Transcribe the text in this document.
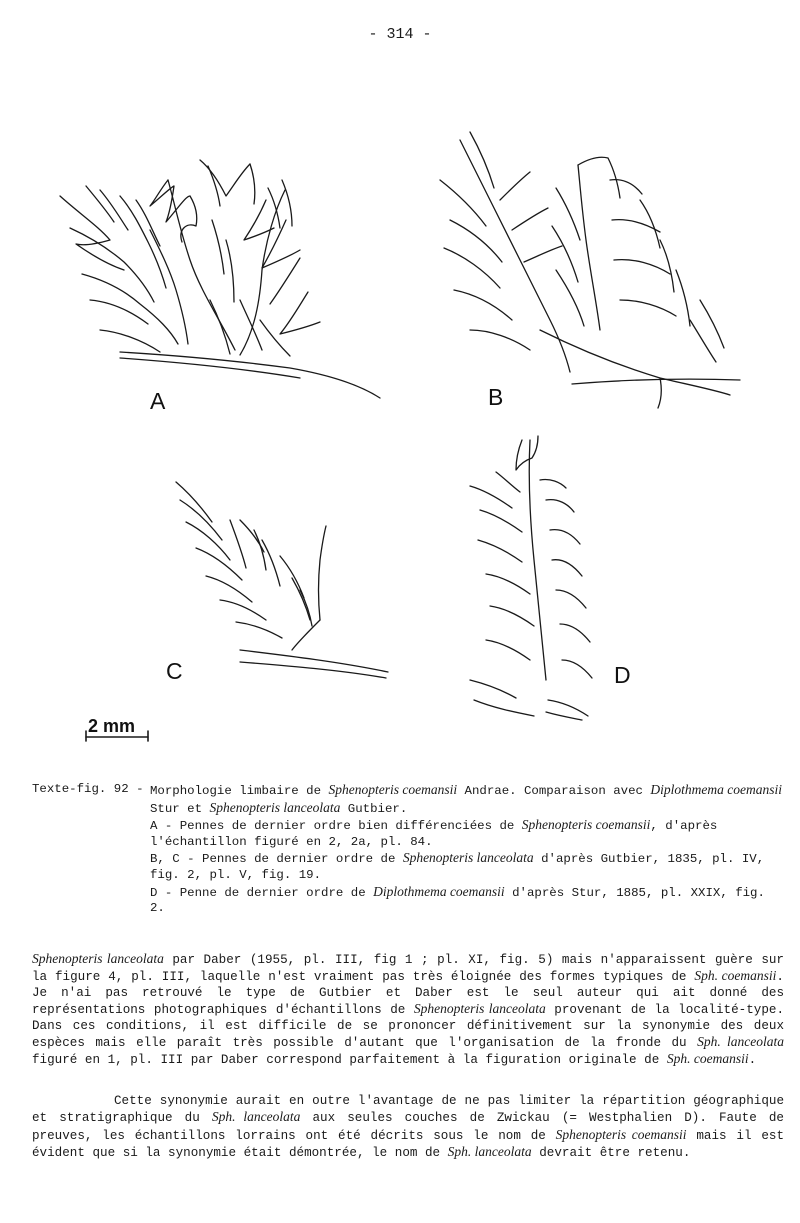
- 314 -
A	B
C	D
2 mm
Texte-fig. 92 - Morphologie limbaire de Sphenopteris coemansii Andrae. Comparaison avec Diplothmema coemansii Stur et Sphenopteris lanceolata Gutbier.
A - Pennes de dernier ordre bien différenciées de Sphenopteris coemansii, d'après l'échantillon figuré en 2, 2a, pl. 84.
B, C - Pennes de dernier ordre de Sphenopteris lanceolata d'après Gutbier, 1835, pl. IV, fig. 2, pl. V, fig. 19.
D - Penne de dernier ordre de Diplothmema coemansii d'après Stur, 1885, pl. XXIX, fig. 2.
Sphenopteris lanceolata par Daber (1955, pl. III, fig 1 ; pl. XI, fig. 5) mais n'apparaissent guère sur la figure 4, pl. III, laquelle n'est vraiment pas très éloignée des formes typiques de Sph. coemansii. Je n'ai pas retrouvé le type de Gutbier et Daber est le seul auteur qui ait donné des représentations photographiques d'échantillons de Sphenopteris lanceolata provenant de la localité-type. Dans ces conditions, il est difficile de se prononcer définitivement sur la synonymie des deux espèces mais elle paraît très possible d'autant que l'organisation de la fronde du Sph. lanceolata figuré en 1, pl. III par Daber correspond parfaitement à la figuration originale de Sph. coemansii.
Cette synonymie aurait en outre l'avantage de ne pas limiter la répartition géographique et stratigraphique du Sph. lanceolata aux seules couches de Zwickau (= Westphalien D). Faute de preuves, les échantillons lorrains ont été décrits sous le nom de Sphenopteris coemansii mais il est évident que si la synonymie était démontrée, le nom de Sph. lanceolata devrait être retenu.
